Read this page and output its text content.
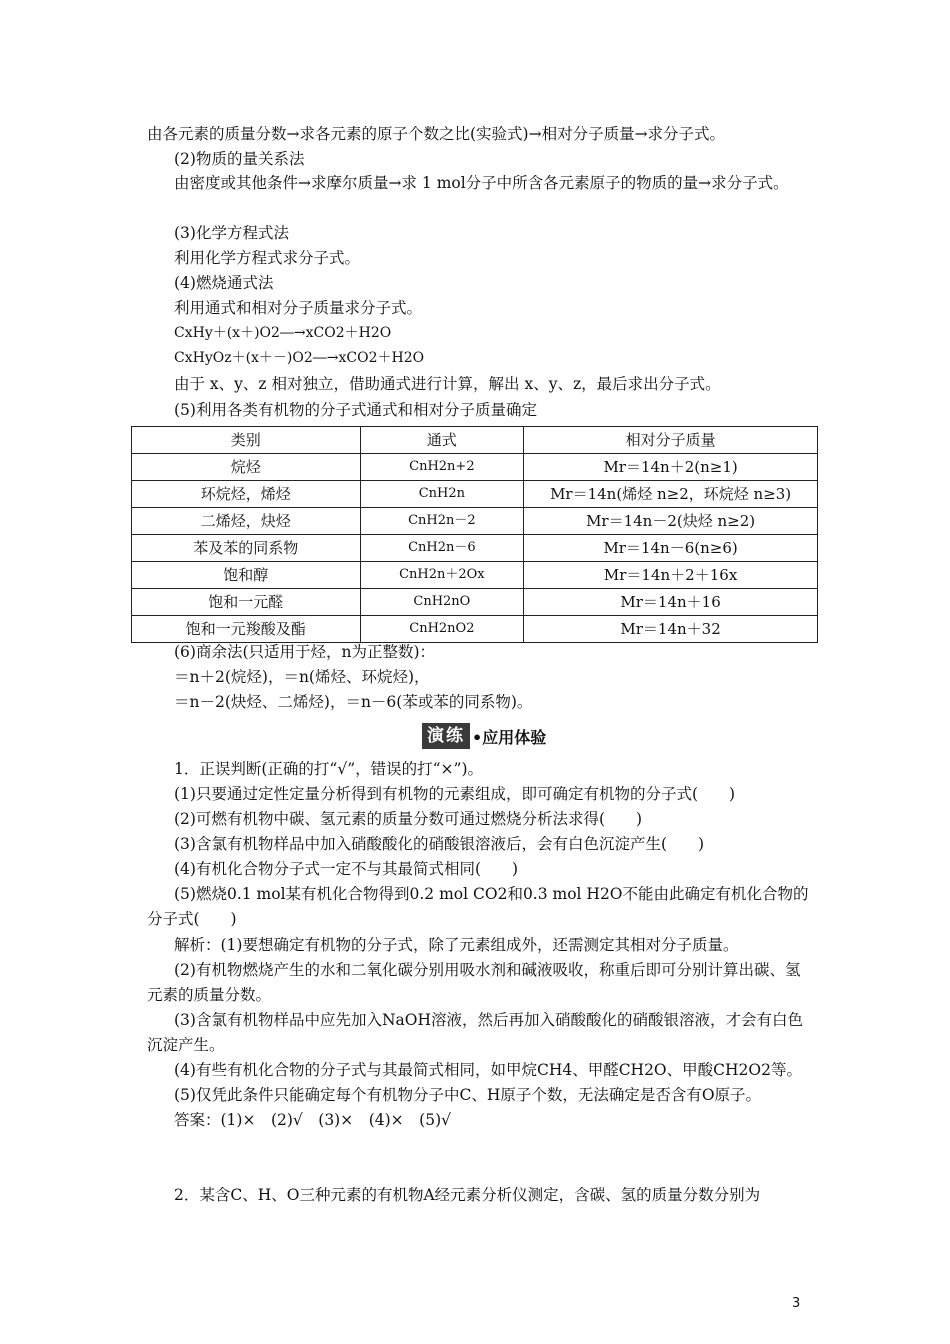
由各元素的质量分数→求各元素的原子个数之比(实验式)→相对分子质量→求分子式。
(2)物质的量关系法
由密度或其他条件→求摩尔质量→求 1 mol分子中所含各元素原子的物质的量→求分子式。
(3)化学方程式法
利用化学方程式求分子式。
(4)燃烧通式法
利用通式和相对分子质量求分子式。
CxHy＋(x＋)O2―→xCO2＋H2O
CxHyOz＋(x＋－)O2―→xCO2＋H2O
由于 x、y、z 相对独立，借助通式进行计算，解出 x、y、z，最后求出分子式。
(5)利用各类有机物的分子式通式和相对分子质量确定
类别	通式	相对分子质量
烷烃	CnH2n+2	Mr＝14n＋2(n≥1)
环烷烃，烯烃	CnH2n	Mr＝14n(烯烃 n≥2，环烷烃 n≥3)
二烯烃，炔烃	CnH2n－2	Mr＝14n－2(炔烃 n≥2)
苯及苯的同系物	CnH2n－6	Mr＝14n－6(n≥6)
饱和醇	CnH2n＋2Ox	Mr＝14n＋2＋16x
饱和一元醛	CnH2nO	Mr＝14n＋16
饱和一元羧酸及酯	CnH2nO2	Mr＝14n＋32
(6)商余法(只适用于烃，n为正整数)：
＝n＋2(烷烃)，＝n(烯烃、环烷烃)，
＝n－2(炔烃、二烯烃)，＝n－6(苯或苯的同系物)。
演练 •应用体验
1．正误判断(正确的打“√”，错误的打“×”)。
(1)只要通过定性定量分析得到有机物的元素组成，即可确定有机物的分子式(　　)
(2)可燃有机物中碳、氢元素的质量分数可通过燃烧分析法求得(　　)
(3)含氯有机物样品中加入硝酸酸化的硝酸银溶液后，会有白色沉淀产生(　　)
(4)有机化合物分子式一定不与其最简式相同(　　)
(5)燃烧0.1 mol某有机化合物得到0.2 mol CO2和0.3 mol H2O不能由此确定有机化合物的分子式(　　)
解析：(1)要想确定有机物的分子式，除了元素组成外，还需测定其相对分子质量。
(2)有机物燃烧产生的水和二氧化碳分别用吸水剂和碱液吸收，称重后即可分别计算出碳、氢元素的质量分数。
(3)含氯有机物样品中应先加入NaOH溶液，然后再加入硝酸酸化的硝酸银溶液，才会有白色沉淀产生。
(4)有些有机化合物的分子式与其最简式相同，如甲烷CH4、甲醛CH2O、甲酸CH2O2等。
(5)仅凭此条件只能确定每个有机物分子中C、H原子个数，无法确定是否含有O原子。
答案：(1)×　(2)√　(3)×　(4)×　(5)√
2．某含C、H、O三种元素的有机物A经元素分析仪测定，含碳、氢的质量分数分别为
3
